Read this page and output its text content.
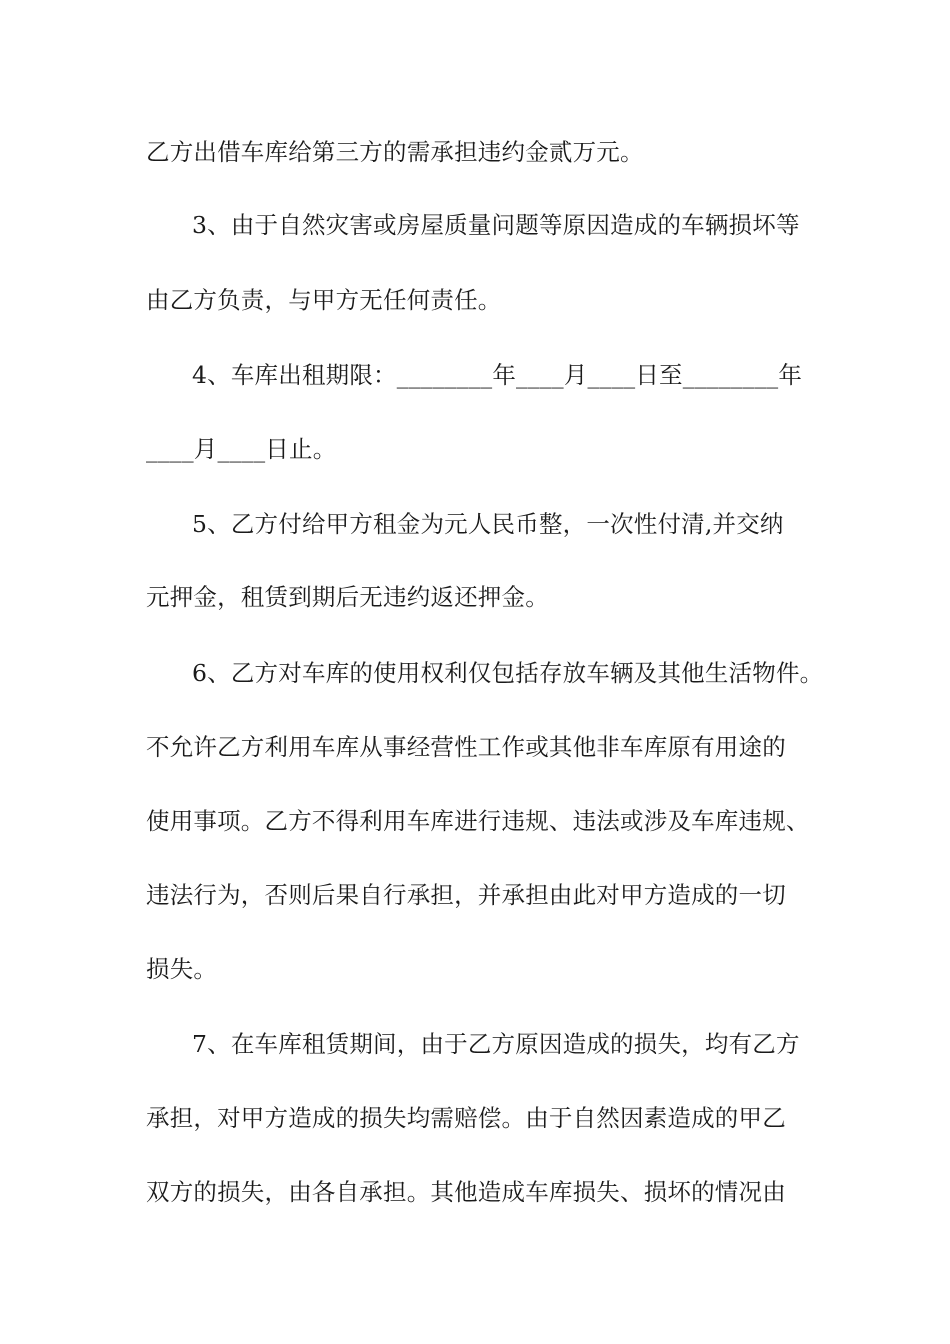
乙方出借车库给第三方的需承担违约金贰万元。

3、由于自然灾害或房屋质量问题等原因造成的车辆损坏等

由乙方负责，与甲方无任何责任。

4、车库出租期限：________年____月____日至________年

____月____日止。

5、乙方付给甲方租金为元人民币整，一次性付清,并交纳

元押金，租赁到期后无违约返还押金。

6、乙方对车库的使用权利仅包括存放车辆及其他生活物件。

不允许乙方利用车库从事经营性工作或其他非车库原有用途的

使用事项。乙方不得利用车库进行违规、违法或涉及车库违规、

违法行为，否则后果自行承担，并承担由此对甲方造成的一切

损失。

7、在车库租赁期间，由于乙方原因造成的损失，均有乙方

承担，对甲方造成的损失均需赔偿。由于自然因素造成的甲乙

双方的损失，由各自承担。其他造成车库损失、损坏的情况由
